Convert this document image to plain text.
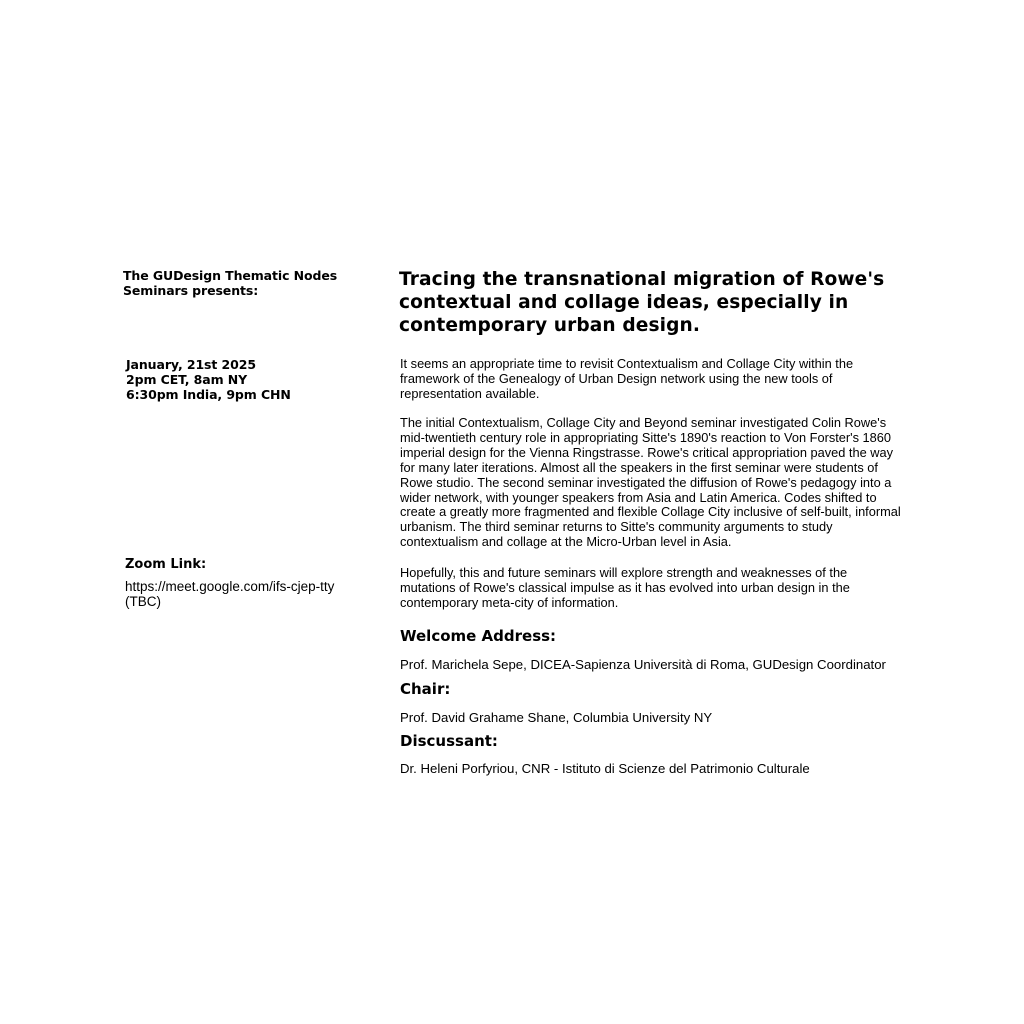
The GUDesign Thematic Nodes
Seminars presents:
January, 21st 2025
2pm CET, 8am NY
6:30pm India, 9pm CHN
Zoom Link:
https://meet.google.com/ifs-cjep-tty
(TBC)
Tracing the transnational migration of Rowe's
contextual and collage ideas, especially in
contemporary urban design.
It seems an appropriate time to revisit Contextualism and Collage City within the
framework of the Genealogy of Urban Design network using the new tools of
representation available.
The initial Contextualism, Collage City and Beyond seminar investigated Colin Rowe's
mid-twentieth century role in appropriating Sitte's 1890's reaction to Von Forster's 1860
imperial design for the Vienna Ringstrasse. Rowe's critical appropriation paved the way
for many later iterations. Almost all the speakers in the first seminar were students of
Rowe studio. The second seminar investigated the diffusion of Rowe's pedagogy into a
wider network, with younger speakers from Asia and Latin America. Codes shifted to
create a greatly more fragmented and flexible Collage City inclusive of self-built, informal
urbanism. The third seminar returns to Sitte's community arguments to study
contextualism and collage at the Micro-Urban level in Asia.
Hopefully, this and future seminars will explore strength and weaknesses of the
mutations of Rowe's classical impulse as it has evolved into urban design in the
contemporary meta-city of information.
Welcome Address:
Prof. Marichela Sepe, DICEA-Sapienza Università di Roma, GUDesign Coordinator
Chair:
Prof. David Grahame Shane, Columbia University NY
Discussant:
Dr. Heleni Porfyriou, CNR - Istituto di Scienze del Patrimonio Culturale
